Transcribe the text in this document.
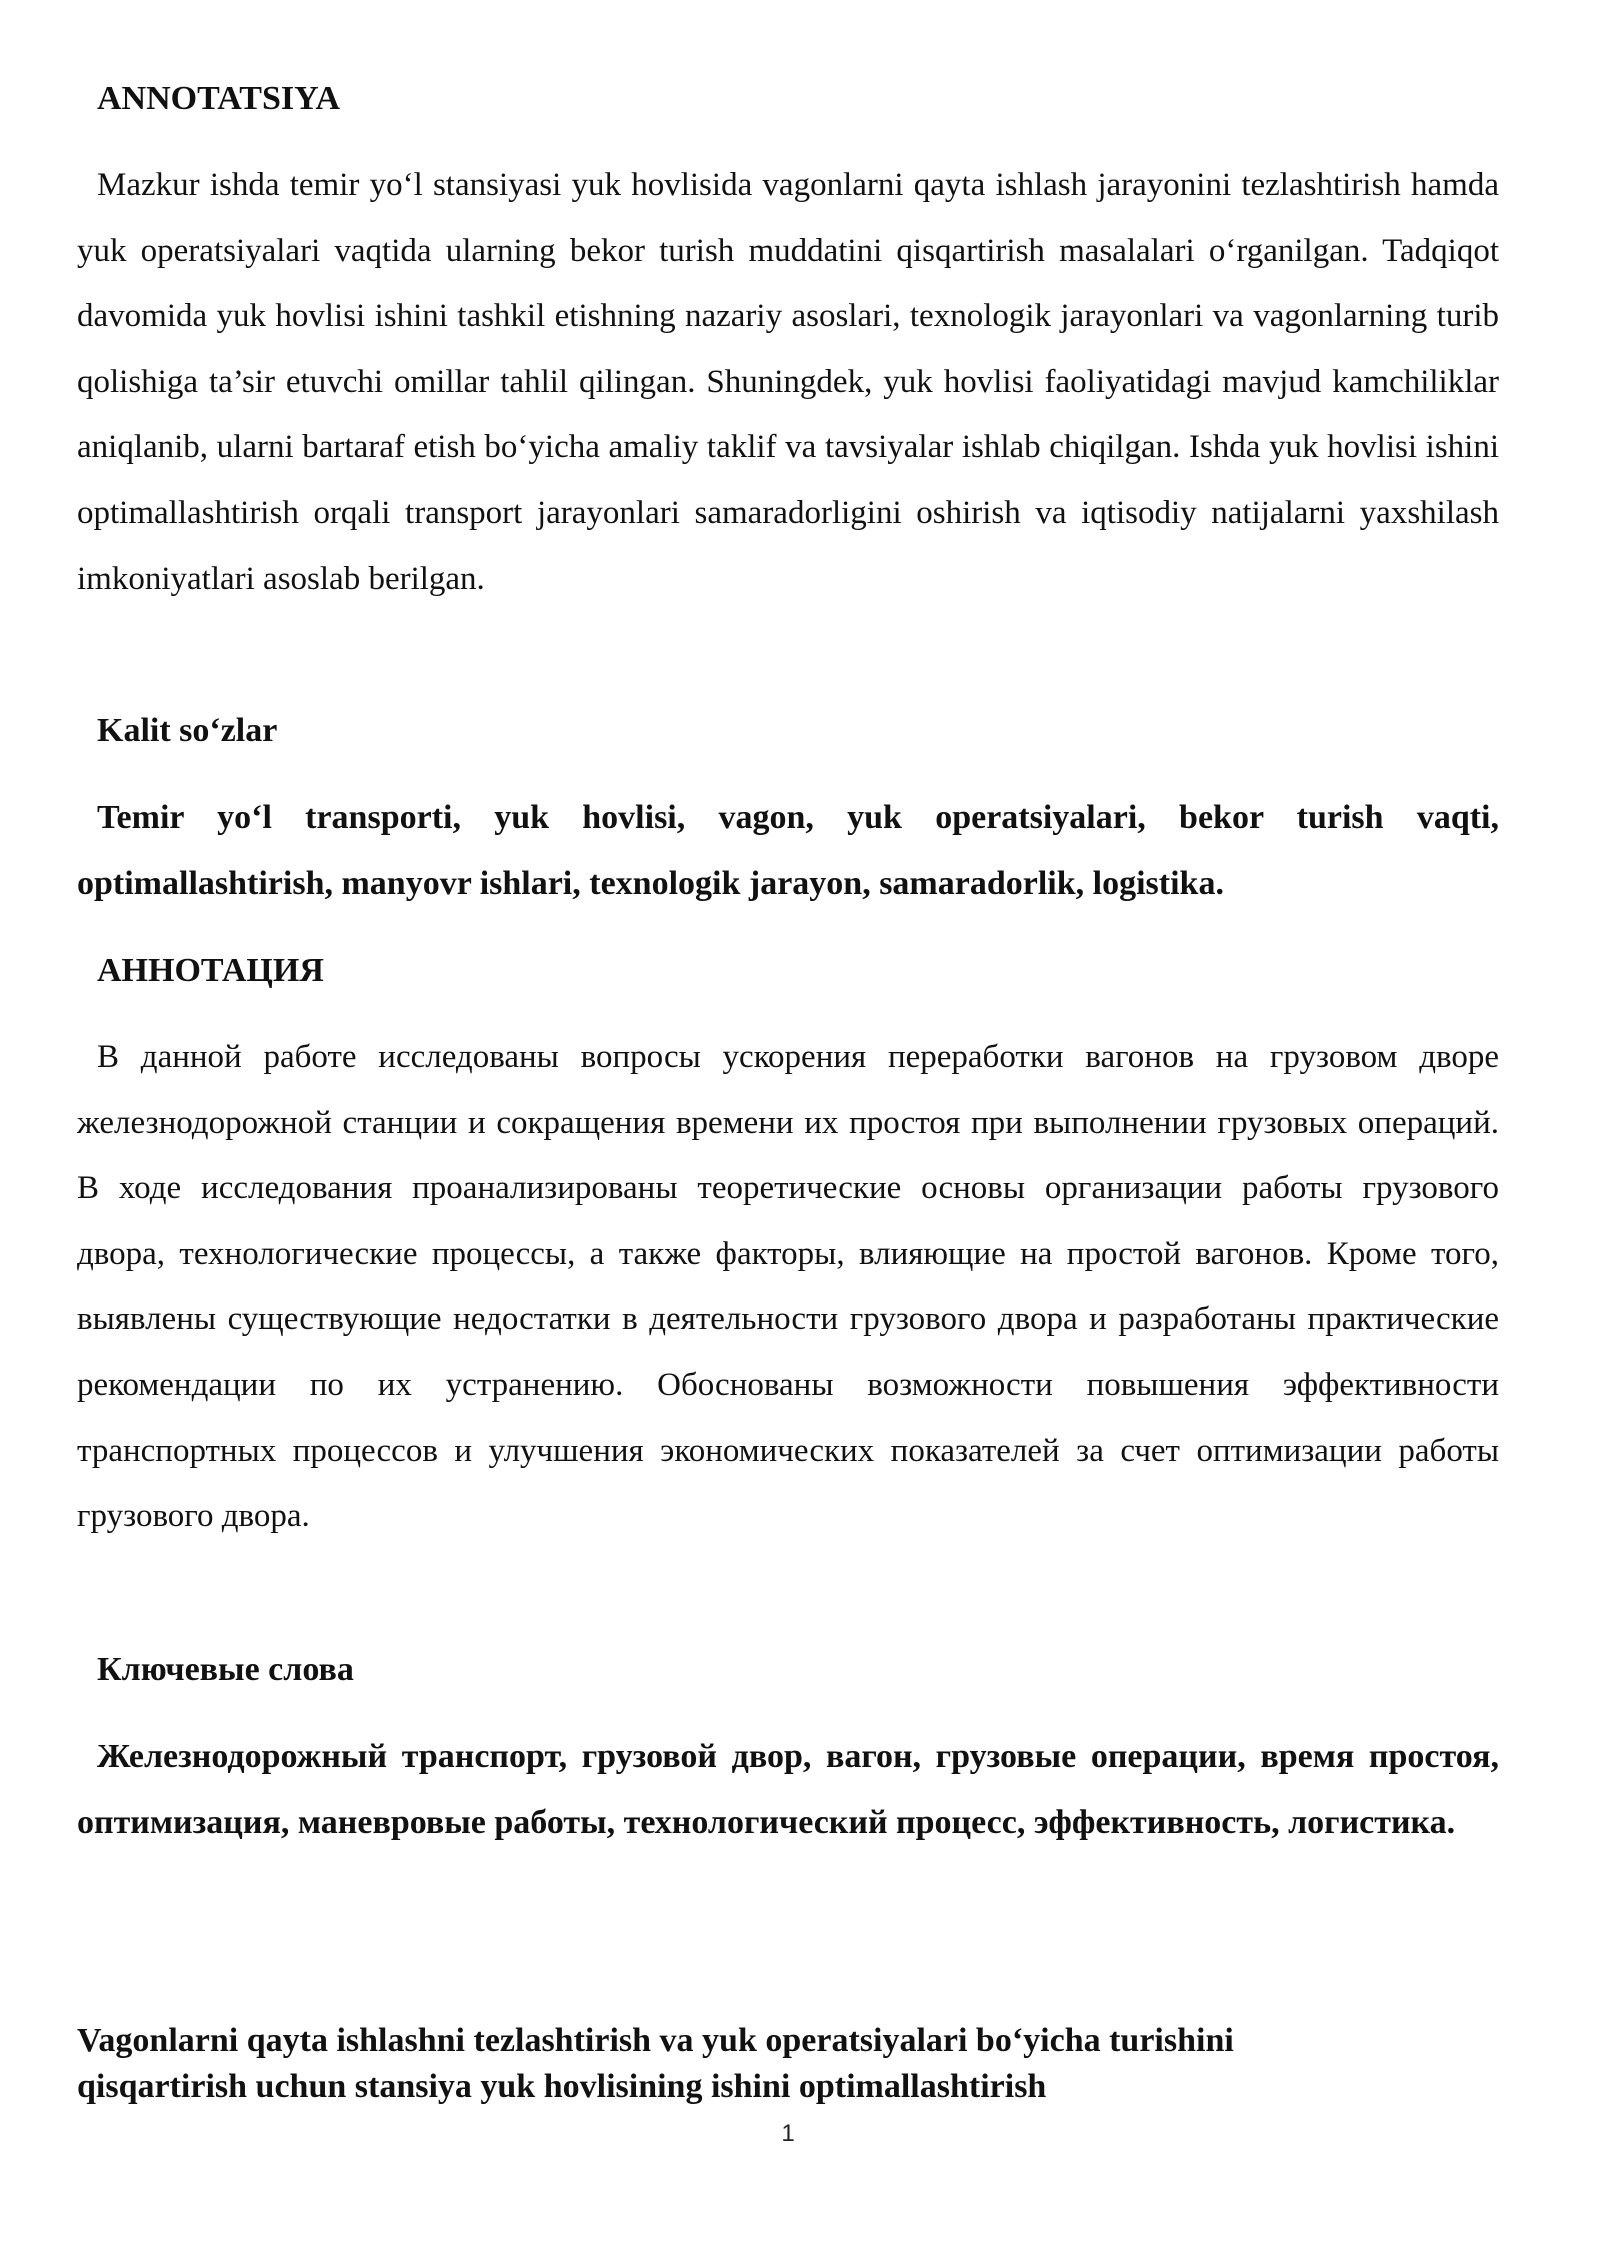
ANNOTATSIYA

Mazkur ishda temir yo‘l stansiyasi yuk hovlisida vagonlarni qayta ishlash jarayonini tezlashtirish hamda yuk operatsiyalari vaqtida ularning bekor turish muddatini qisqartirish masalalari o‘rganilgan. Tadqiqot davomida yuk hovlisi ishini tashkil etishning nazariy asoslari, texnologik jarayonlari va vagonlarning turib qolishiga ta’sir etuvchi omillar tahlil qilingan. Shuningdek, yuk hovlisi faoliyatidagi mavjud kamchiliklar aniqlanib, ularni bartaraf etish bo‘yicha amaliy taklif va tavsiyalar ishlab chiqilgan. Ishda yuk hovlisi ishini optimallashtirish orqali transport jarayonlari samaradorligini oshirish va iqtisodiy natijalarni yaxshilash imkoniyatlari asoslab berilgan.

Kalit so‘zlar

Temir yo‘l transporti, yuk hovlisi, vagon, yuk operatsiyalari, bekor turish vaqti, optimallashtirish, manyovr ishlari, texnologik jarayon, samaradorlik, logistika.

АННОТАЦИЯ

В данной работе исследованы вопросы ускорения переработки вагонов на грузовом дворе железнодорожной станции и сокращения времени их простоя при выполнении грузовых операций. В ходе исследования проанализированы теоретические основы организации работы грузового двора, технологические процессы, а также факторы, влияющие на простой вагонов. Кроме того, выявлены существующие недостатки в деятельности грузового двора и разработаны практические рекомендации по их устранению. Обоснованы возможности повышения эффективности транспортных процессов и улучшения экономических показателей за счет оптимизации работы грузового двора.

Ключевые слова

Железнодорожный транспорт, грузовой двор, вагон, грузовые операции, время простоя, оптимизация, маневровые работы, технологический процесс, эффективность, логистика.

Vagonlarni qayta ishlashni tezlashtirish va yuk operatsiyalari bo‘yicha turishini
qisqartirish uchun stansiya yuk hovlisining ishini optimallashtirish
1
